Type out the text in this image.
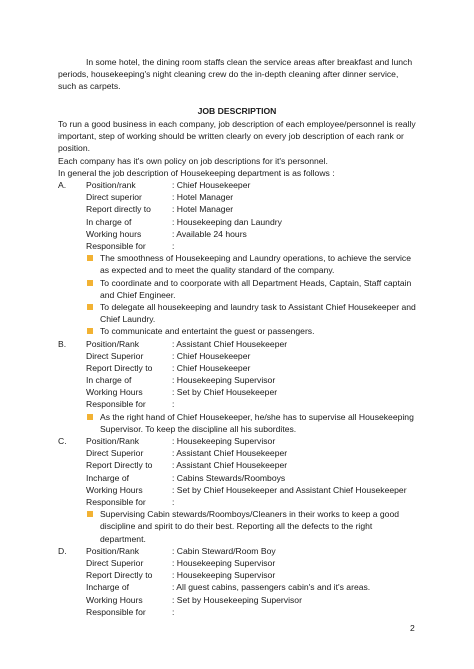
In some hotel, the dining room staffs clean the service areas after breakfast and lunch periods, housekeeping's night cleaning crew do the in-depth cleaning after dinner service, such as carpets.

JOB DESCRIPTION

To run a good business in each company, job description of each employee/personnel is really important, step of working should be written clearly on every job description of each rank or position.

Each company has it's own policy on job descriptions for it's personnel.

In general the job description of Housekeeping department is as follows :

A.	Position/rank	: Chief Housekeeper
Direct superior	: Hotel Manager
Report directly to	: Hotel Manager
In charge of	: Housekeeping dan Laundry
Working hours	: Available 24 hours
Responsible for	:
The smoothness of Housekeeping and Laundry operations, to achieve the service as expected and to meet the quality standard of the company.
To coordinate and to coorporate with all Department Heads, Captain, Staff captain and Chief Engineer.
To delegate all housekeeping and laundry task to Assistant Chief Housekeeper and Chief Laundry.
To communicate and entertaint the guest or passengers.
B.	Position/Rank	: Assistant Chief Housekeeper
Direct Superior	: Chief Housekeeper
Report Directly to	: Chief Housekeeper
In charge of	: Housekeeping Supervisor
Working Hours	: Set by Chief Housekeeper
Responsible for	:
As the right hand of Chief Housekeeper, he/she has to supervise all Housekeeping Supervisor. To keep the discipline all his subordites.
C.	Position/Rank	: Housekeeping Supervisor
Direct Superior	: Assistant Chief Housekeeper
Report Directly to	: Assistant Chief Housekeeper
Incharge of	: Cabins Stewards/Roomboys
Working Hours	: Set by Chief Housekeeper and Assistant Chief Housekeeper
Responsible for	:
Supervising Cabin stewards/Roomboys/Cleaners in their works to keep a good discipline and spirit to do their best. Reporting all the defects to the right department.
D.	Position/Rank	: Cabin Steward/Room Boy
Direct Superior	: Housekeeping Supervisor
Report Directly to	: Housekeeping Supervisor
Incharge of	: All guest cabins, passengers cabin's and it's areas.
Working Hours	: Set by Housekeeping Supervisor
Responsible for	:
2
